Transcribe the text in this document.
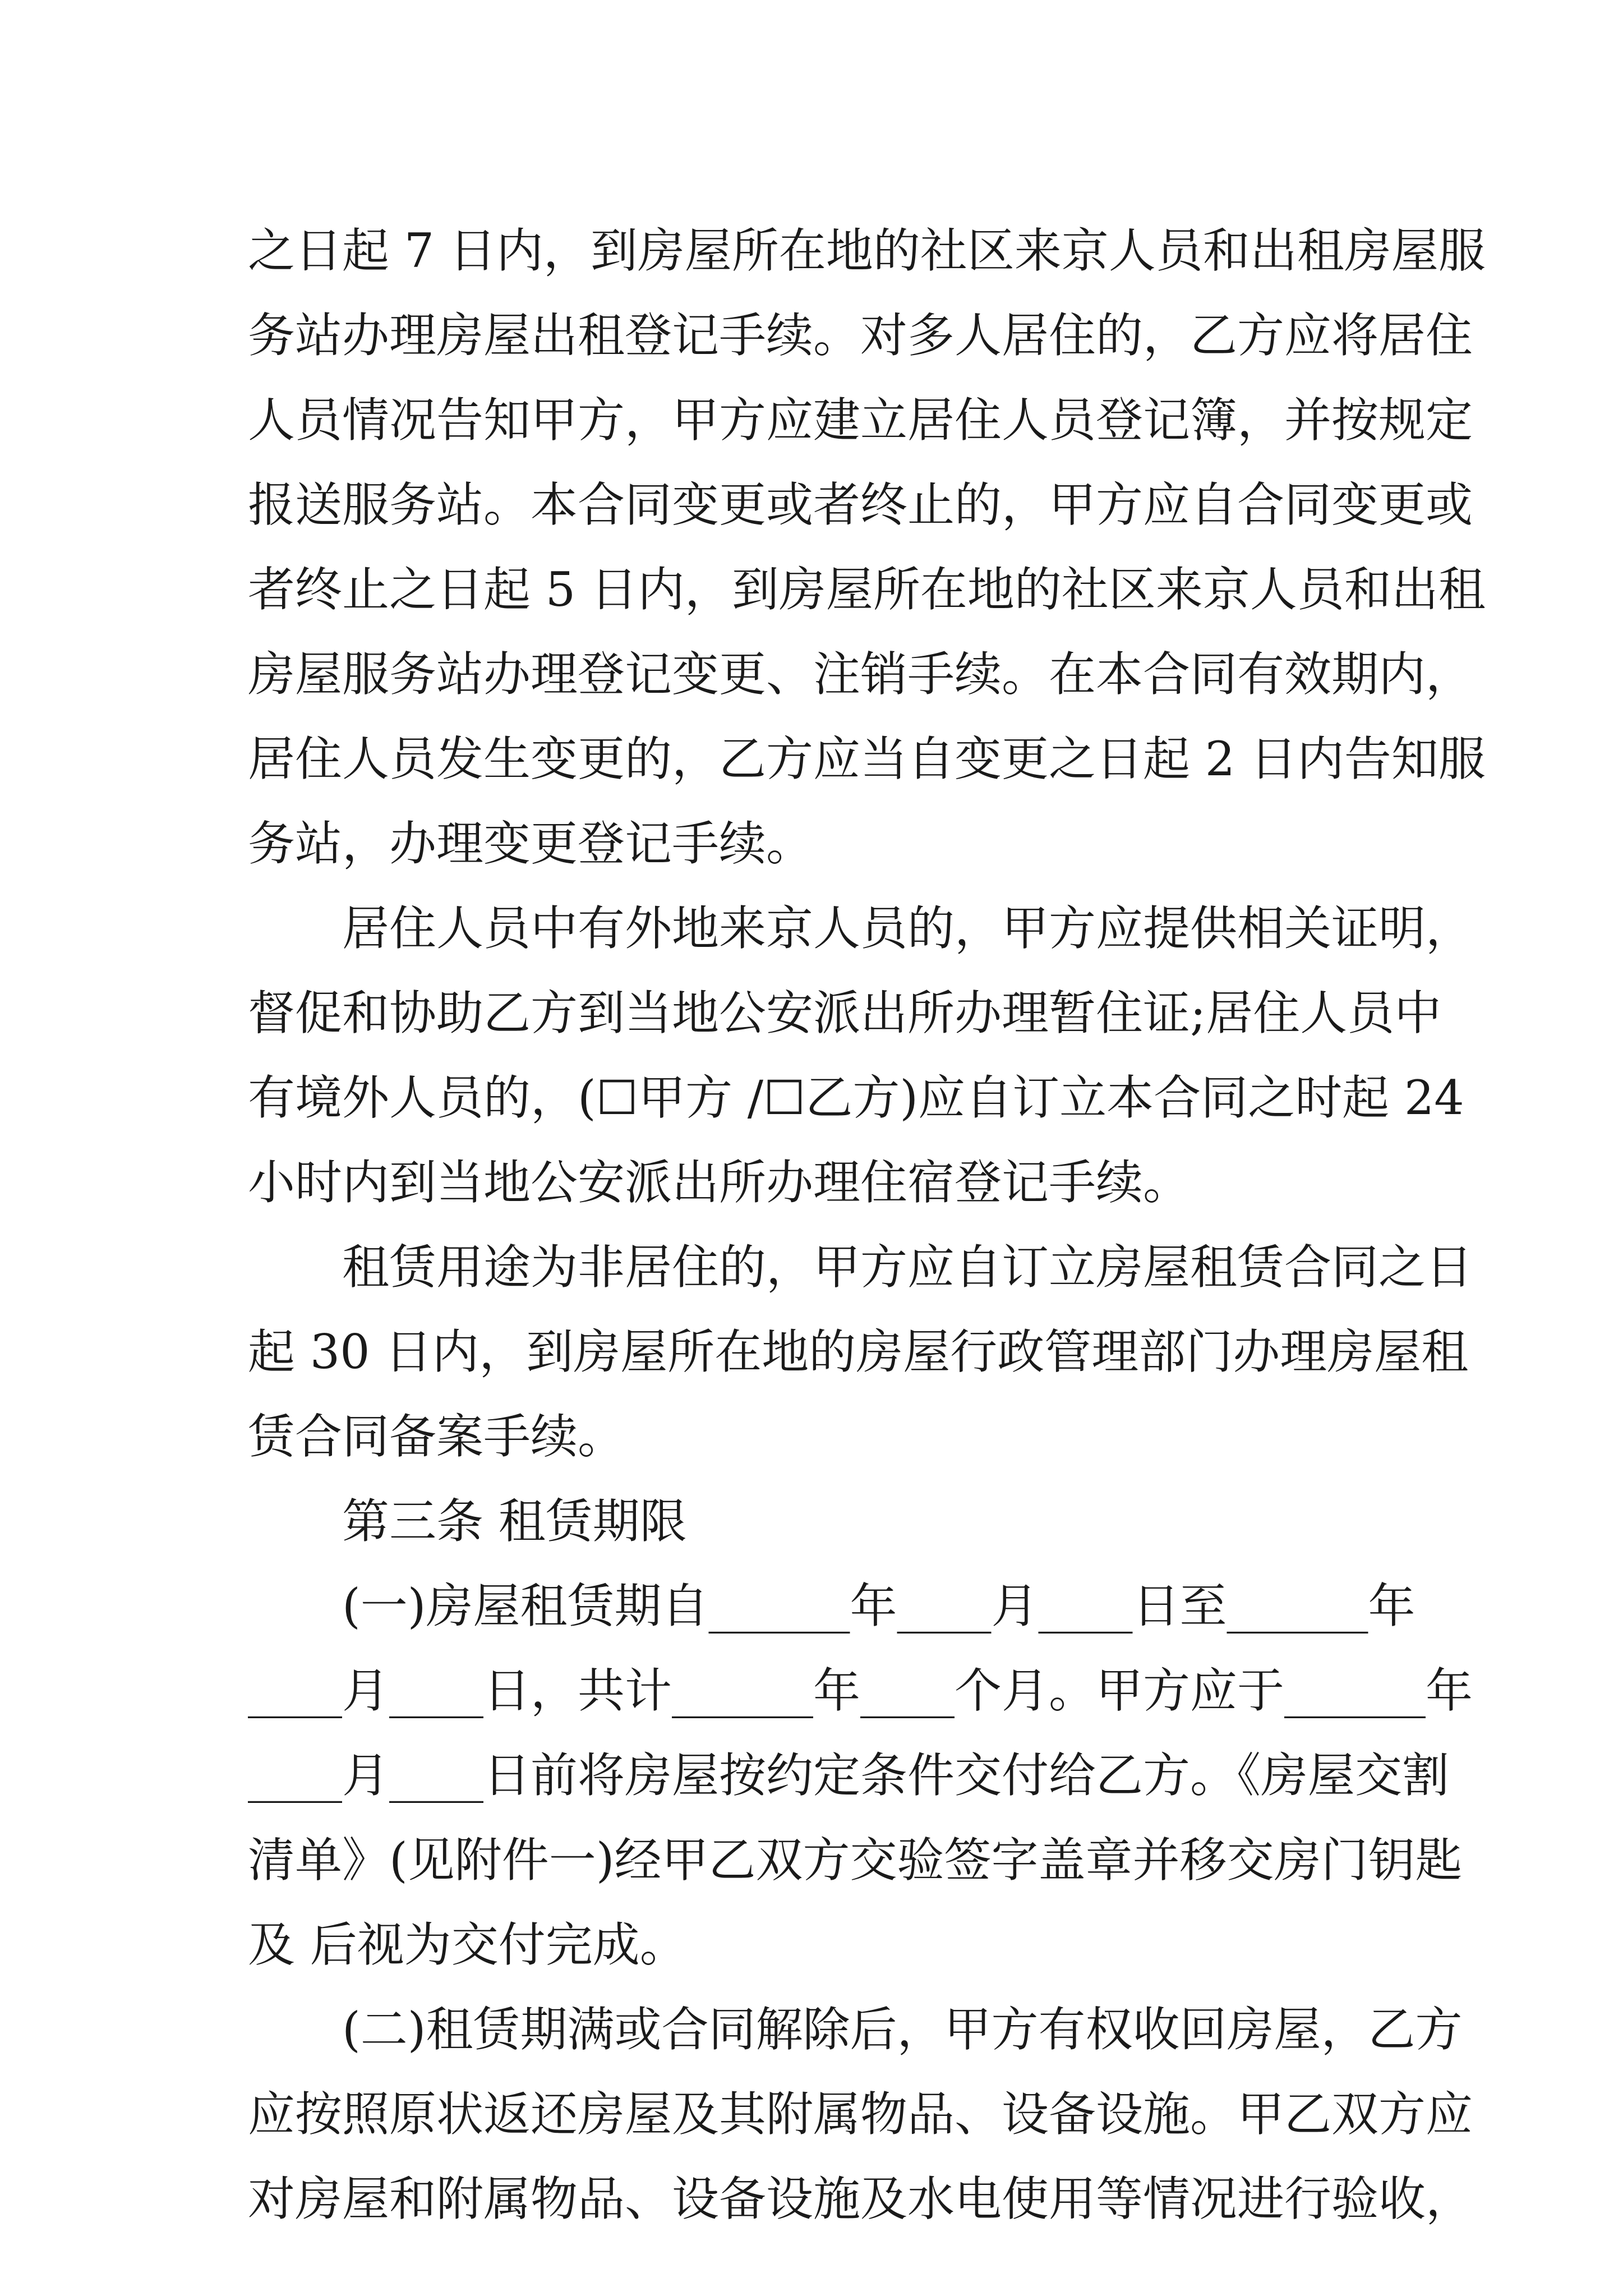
之日起 7 日内，到房屋所在地的社区来京人员和出租房屋服
务站办理房屋出租登记手续。对多人居住的，乙方应将居住
人员情况告知甲方，甲方应建立居住人员登记簿，并按规定
报送服务站。本合同变更或者终止的，甲方应自合同变更或
者终止之日起 5 日内，到房屋所在地的社区来京人员和出租
房屋服务站办理登记变更、注销手续。在本合同有效期内，
居住人员发生变更的，乙方应当自变更之日起 2 日内告知服
务站，办理变更登记手续。
居住人员中有外地来京人员的，甲方应提供相关证明，
督促和协助乙方到当地公安派出所办理暂住证;居住人员中
有境外人员的，(☐甲方 /☐乙方)应自订立本合同之时起 24
小时内到当地公安派出所办理住宿登记手续。
租赁用途为非居住的，甲方应自订立房屋租赁合同之日
起 30 日内，到房屋所在地的房屋行政管理部门办理房屋租
赁合同备案手续。
第三条 租赁期限
(一)房屋租赁期自______年____月____日至______年
____月____日，共计______年____个月。甲方应于______年
____月____日前将房屋按约定条件交付给乙方。《房屋交割
清单》(见附件一)经甲乙双方交验签字盖章并移交房门钥匙
及 后视为交付完成。
(二)租赁期满或合同解除后，甲方有权收回房屋，乙方
应按照原状返还房屋及其附属物品、设备设施。甲乙双方应
对房屋和附属物品、设备设施及水电使用等情况进行验收，
